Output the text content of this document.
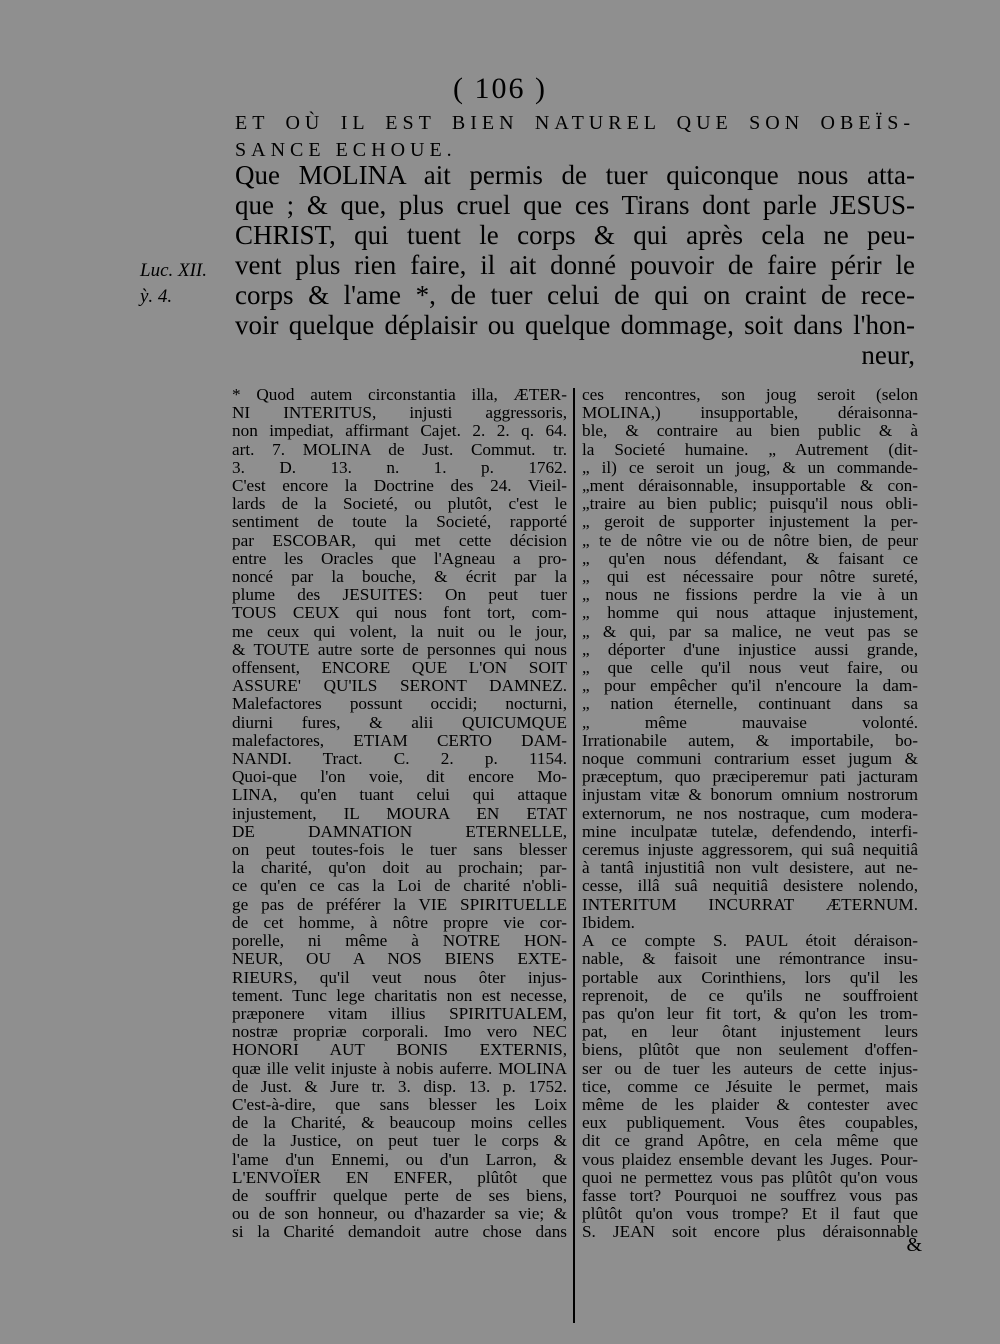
( 106 )
ET OÙ IL EST BIEN NATUREL QUE SON OBEÏS-
SANCE ECHOUE.
Luc. XII.
ỳ. 4.
Que MOLINA ait permis de tuer quiconque nous atta-
que ; & que, plus cruel que ces Tirans dont parle JESUS-
CHRIST, qui tuent le corps & qui après cela ne peu-
vent plus rien faire, il ait donné pouvoir de faire périr le
corps & l'ame *, de tuer celui de qui on craint de rece-
voir quelque déplaisir ou quelque dommage, soit dans l'hon-
neur,
* Quod autem circonstantia illa, ÆTER-
NI INTERITUS, injusti aggressoris,
non impediat, affirmant Cajet. 2. 2. q. 64.
art. 7. MOLINA de Just. Commut. tr.
3. D. 13. n. 1. p. 1762.
C'est encore la Doctrine des 24. Vieil-
lards de la Societé, ou plutôt, c'est le
sentiment de toute la Societé, rapporté
par ESCOBAR, qui met cette décision
entre les Oracles que l'Agneau a pro-
noncé par la bouche, & écrit par la
plume des JESUITES: On peut tuer
TOUS CEUX qui nous font tort, com-
me ceux qui volent, la nuit ou le jour,
& TOUTE autre sorte de personnes qui nous
offensent, ENCORE QUE L'ON SOIT
ASSURE' QU'ILS SERONT DAMNEZ.
Malefactores possunt occidi; nocturni,
diurni fures, & alii QUICUMQUE
malefactores, ETIAM CERTO DAM-
NANDI. Tract. C. 2. p. 1154.
Quoi-que l'on voie, dit encore Mo-
LINA, qu'en tuant celui qui attaque
injustement, IL MOURA EN ETAT
DE DAMNATION ETERNELLE,
on peut toutes-fois le tuer sans blesser
la charité, qu'on doit au prochain; par-
ce qu'en ce cas la Loi de charité n'obli-
ge pas de préférer la VIE SPIRITUELLE
de cet homme, à nôtre propre vie cor-
porelle, ni même à NOTRE HON-
NEUR, OU A NOS BIENS EXTE-
RIEURS, qu'il veut nous ôter injus-
tement. Tunc lege charitatis non est necesse,
præponere vitam illius SPIRITUALEM,
nostræ propriæ corporali. Imo vero NEC
HONORI AUT BONIS EXTERNIS,
quæ ille velit injuste à nobis auferre. MOLINA
de Just. & Jure tr. 3. disp. 13. p. 1752.
C'est-à-dire, que sans blesser les Loix
de la Charité, & beaucoup moins celles
de la Justice, on peut tuer le corps &
l'ame d'un Ennemi, ou d'un Larron, &
L'ENVOÏER EN ENFER, plûtôt que
de souffrir quelque perte de ses biens,
ou de son honneur, ou d'hazarder sa vie; &
si la Charité demandoit autre chose dans
ces rencontres, son joug seroit (selon
MOLINA,) insupportable, déraisonna-
ble, & contraire au bien public & à
la Societé humaine. „ Autrement (dit-
„ il) ce seroit un joug, & un commande-
„ment déraisonnable, insupportable & con-
„traire au bien public; puisqu'il nous obli-
„ geroit de supporter injustement la per-
„ te de nôtre vie ou de nôtre bien, de peur
„ qu'en nous défendant, & faisant ce
„ qui est nécessaire pour nôtre sureté,
„ nous ne fissions perdre la vie à un
„ homme qui nous attaque injustement,
„ & qui, par sa malice, ne veut pas se
„ déporter d'une injustice aussi grande,
„ que celle qu'il nous veut faire, ou
„ pour empêcher qu'il n'encoure la dam-
„ nation éternelle, continuant dans sa
„ même mauvaise volonté.
Irrationabile autem, & importabile, bo-
noque communi contrarium esset jugum &
præceptum, quo præciperemur pati jacturam
injustam vitæ & bonorum omnium nostrorum
externorum, ne nos nostraque, cum modera-
mine inculpatæ tutelæ, defendendo, interfi-
ceremus injuste aggressorem, qui suâ nequitiâ
à tantâ injustitiâ non vult desistere, aut ne-
cesse, illâ suâ nequitiâ desistere nolendo,
INTERITUM INCURRAT ÆTERNUM.
Ibidem.
A ce compte S. PAUL étoit déraison-
nable, & faisoit une rémontrance insu-
portable aux Corinthiens, lors qu'il les
reprenoit, de ce qu'ils ne souffroient
pas qu'on leur fit tort, & qu'on les trom-
pat, en leur ôtant injustement leurs
biens, plûtôt que non seulement d'offen-
ser ou de tuer les auteurs de cette injus-
tice, comme ce Jésuite le permet, mais
même de les plaider & contester avec
eux publiquement. Vous êtes coupables,
dit ce grand Apôtre, en cela même que
vous plaidez ensemble devant les Juges. Pour-
quoi ne permettez vous pas plûtôt qu'on vous
fasse tort? Pourquoi ne souffrez vous pas
plûtôt qu'on vous trompe? Et il faut que
S. JEAN soit encore plus déraisonnable
&
